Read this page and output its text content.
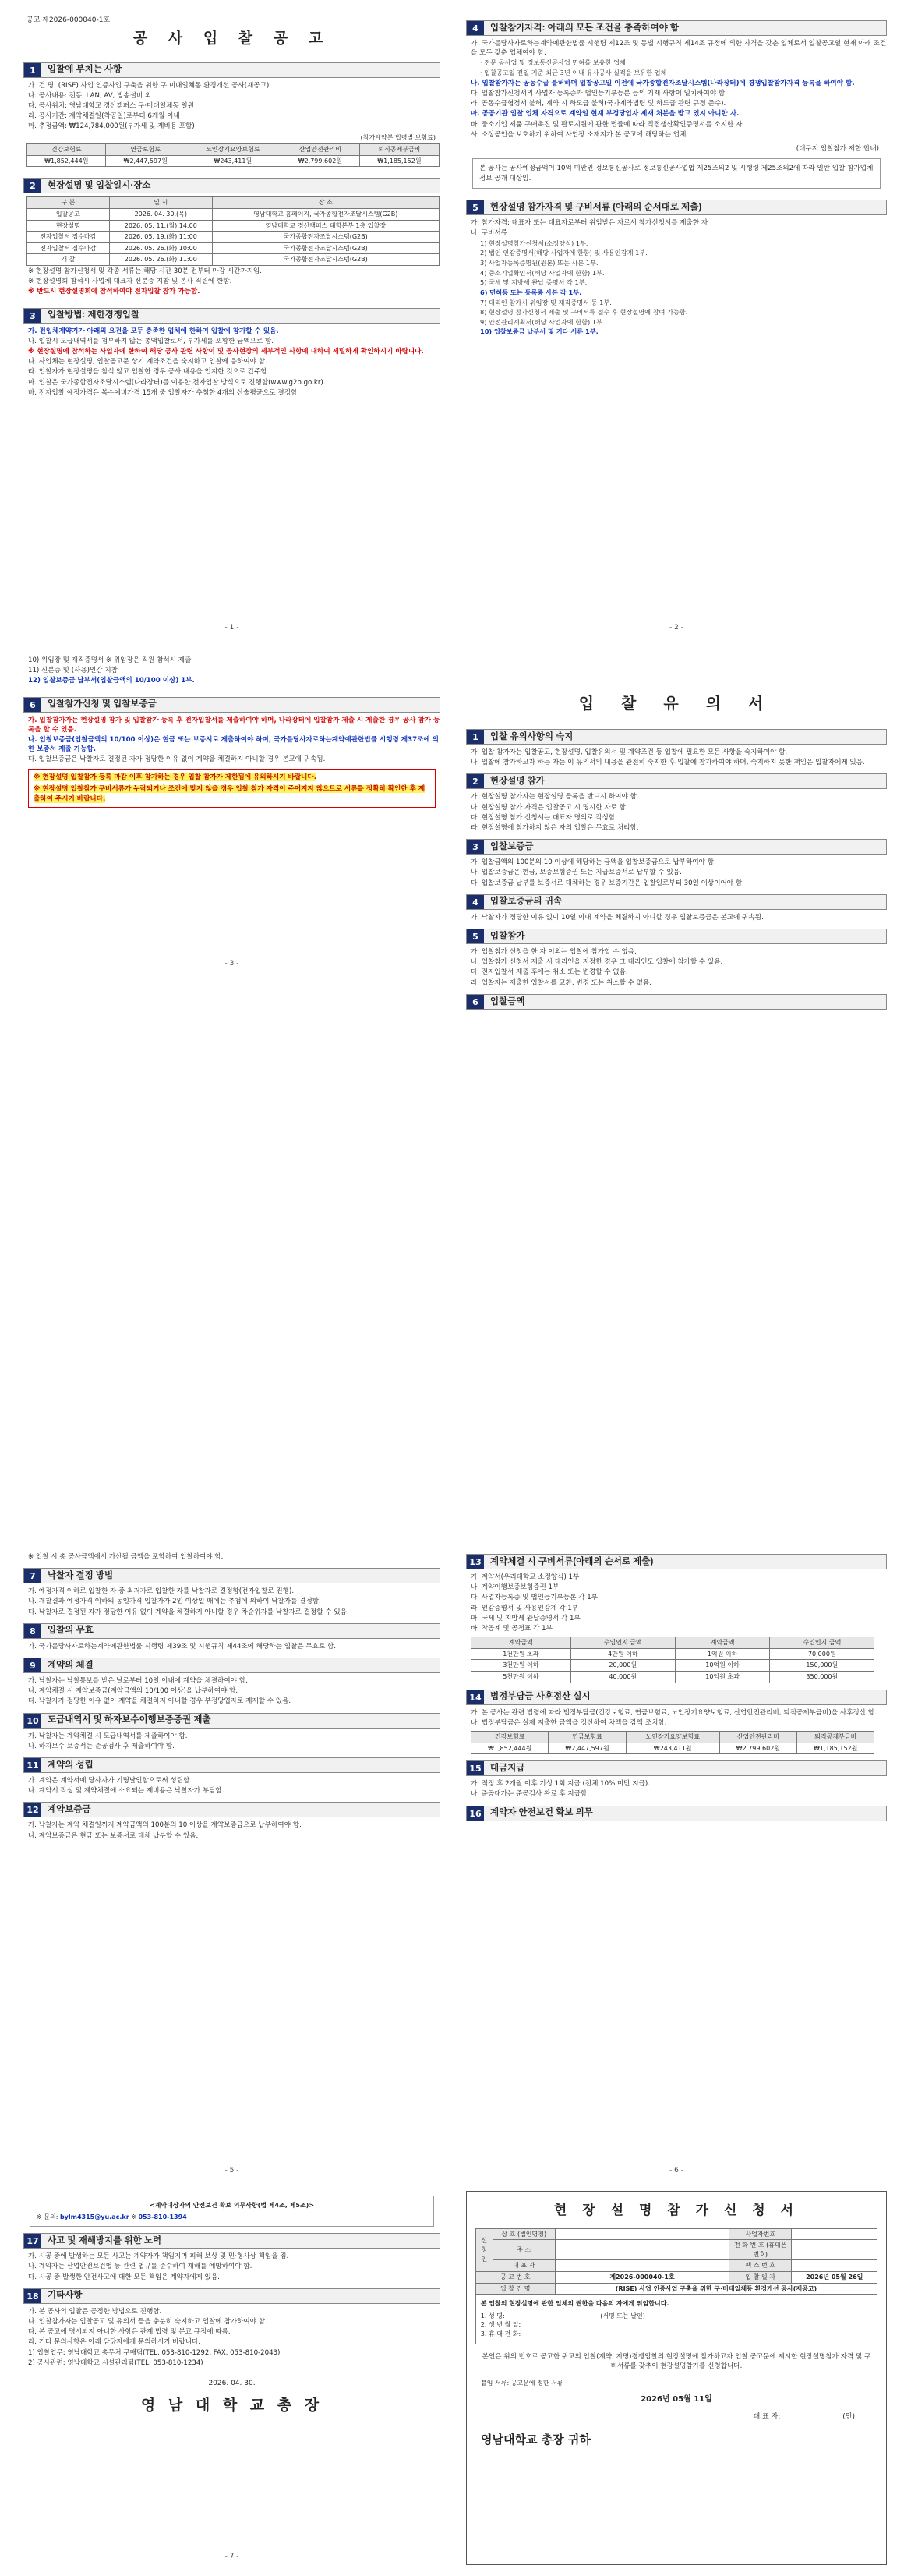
공고 제2026-000040-1호
공 사 입 찰 공 고
1	입찰에 부치는 사항
가. 건 명: (RISE) 사업 인증사업 구축을 위한 구·미대일체동 환경개선 공사(재공고)
나. 공사내용: 전동, LAN, AV, 방송설비 외
다. 공사위치: 영남대학교 경산캠퍼스 구·미대일체동 일원
라. 공사기간: 계약체결일(착공일)로부터 6개월 이내
마. 추정금액: ₩124,784,000원(부가세 및 제비용 포함)
(참가계약분 법령별 보험료)
건강보험료	연금보험료	노인장기요양보험료	산업안전관리비	퇴직공제부금비
₩1,852,444원	₩2,447,597원	₩243,411원	₩2,799,602원	₩1,185,152원
2	현장설명 및 입찰일시·장소
구 분	일 시	장 소
입찰공고	2026. 04. 30.(목)	영남대학교 홈페이지, 국가종합전자조달시스템(G2B)
현장설명	2026. 05. 11.(월) 14:00	영남대학교 경산캠퍼스 대학본부 1층 입찰장
전자입찰서 접수마감	2026. 05. 19.(화) 11:00	국가종합전자조달시스템(G2B)
전자입찰서 접수마감	2026. 05. 26.(화) 10:00	국가종합전자조달시스템(G2B)
개 찰	2026. 05. 26.(화) 11:00	국가종합전자조달시스템(G2B)
※ 현장설명 참가신청서 및 각종 서류는 해당 시간 30분 전부터 마감 시간까지임.
※ 현장설명회 참석시 사업체 대표자 신분증 지참 및 본사 직원에 한함.
※ 반드시 현장설명회에 참석하여야 전자입찰 참가 가능함.
3	입찰방법: 제한경쟁입찰
가. 전입체계약기가 아래의 요건을 모두 충족한 업체에 한하여 입찰에 참가할 수 있음.
나. 입찰시 도급내역서를 첨부하지 않는 총액입찰로서, 부가세를 포함한 금액으로 함.
※ 현장설명에 참석하는 사업자에 한하여 해당 공사 관련 사항이 및 공사현장의 세부적인 사항에 대하여 세밀하게 확인하시기 바랍니다.
다. 사업체는 현장설명, 입찰공고문 상기 계약조건을 숙지하고 입찰에 응하여야 함.
라. 입찰자가 현장설명을 참석 않고 입찰한 경우 공사 내용을 인지한 것으로 간주함.
마. 입찰은 국가종합전자조달시스템(나라장터)를 이용한 전자입찰 방식으로 진행함(www.g2b.go.kr).
바. 전자입찰 예정가격은 복수예비가격 15개 중 입찰자가 추첨한 4개의 산술평균으로 결정함.
- 1 -
4	입찰참가자격: 아래의 모든 조건을 충족하여야 함
가. 국가를당사자로하는계약에관한법률 시행령 제12조 및 동법 시행규칙 제14조 규정에 의한 자격을 갖춘 업체로서 입찰공고일 현재 아래 조건을 모두 갖춘 업체여야 함.
· 전문 공사업 및 정보통신공사업 면허를 보유한 업체
· 입찰공고일 전일 기준 최근 3년 이내 유사공사 실적을 보유한 업체
나. 입찰참가자는 공동수급 불허하며 입찰공고일 이전에 국가종합전자조달시스템(나라장터)에 경쟁입찰참가자격 등록을 하여야 함.
다. 입찰참가신청서의 사업자 등록증과 법인등기부등본 등의 기재 사항이 일치하여야 함.
라. 공동수급협정서 불허, 계약 시 하도급 불허(국가계약법령 및 하도급 관련 규정 준수).
마. 공공기관 입찰 업체 자격으로 계약일 현재 부정당업자 제재 처분을 받고 있지 아니한 자.
바. 중소기업 제품 구매촉진 및 판로지원에 관한 법률에 따라 직접생산확인증명서를 소지한 자.
사. 소상공인을 보호하기 위하여 사업장 소재지가 본 공고에 해당하는 업체.
(대구지 입찰참가 제한 안내)
본 공사는 공사예정금액이 10억 미만인 정보통신공사로 정보통신공사업법 제25조의2 및 시행령 제25조의2에 따라 일반 입찰 참가업체 정보 공개 대상임.
5	현장설명 참가자격 및 구비서류 (아래의 순서대로 제출)
가. 참가자격: 대표자 또는 대표자로부터 위임받은 자로서 참가신청서를 제출한 자
나. 구비서류
1) 현장설명참가신청서(소정양식) 1부.
2) 법인 인감증명서(해당 사업자에 한함) 및 사용인감계 1부.
3) 사업자등록증명원(원본) 또는 사본 1부.
4) 중소기업확인서(해당 사업자에 한함) 1부.
5) 국세 및 지방세 완납 증명서 각 1부.
6) 면허등 또는 등록증 사본 각 1부.
7) 대리인 참가시 위임장 및 재직증명서 등 1부.
8) 현장설명 참가신청서 제출 및 구비서류 접수 후 현장설명에 참여 가능함.
9) 안전관리계획서(해당 사업자에 한함) 1부.
10) 입찰보증금 납부서 및 기타 서류 1부.
- 2 -
10) 위임장 및 재직증명서 ※ 위임장은 직원 참석시 제출
11) 신분증 및 (사용)인감 지참
12) 입찰보증금 납부서(입찰금액의 10/100 이상) 1부.
6	입찰참가신청 및 입찰보증금
가. 입찰참가자는 현장설명 참가 및 입찰참가 등록 후 전자입찰서를 제출하여야 하며, 나라장터에 입찰참가 제출 시 제출한 경우 공사 참가 등록을 할 수 있음.
나. 입찰보증금(입찰금액의 10/100 이상)은 현금 또는 보증서로 제출하여야 하며, 국가를당사자로하는계약에관한법률 시행령 제37조에 의한 보증서 제출 가능함.
다. 입찰보증금은 낙찰자로 결정된 자가 정당한 이유 없이 계약을 체결하지 아니할 경우 본교에 귀속됨.
※ 현장설명 입찰참가 등록 마감 이후 참가하는 경우 입찰 참가가 제한됨에 유의하시기 바랍니다.
※ 현장설명 입찰참가 구비서류가 누락되거나 조건에 맞지 않을 경우 입찰 참가 자격이 주어지지 않으므로 서류를 정확히 확인한 후 제출하여 주시기 바랍니다.
- 3 -
입 찰 유 의 서
1	입찰 유의사항의 숙지
가. 입찰 참가자는 입찰공고, 현장설명, 입찰유의서 및 계약조건 등 입찰에 필요한 모든 사항을 숙지하여야 함.
나. 입찰에 참가하고자 하는 자는 이 유의서의 내용을 완전히 숙지한 후 입찰에 참가하여야 하며, 숙지하지 못한 책임은 입찰자에게 있음.
2	현장설명 참가
가. 현장설명 참가자는 현장설명 등록을 반드시 하여야 함.
나. 현장설명 참가 자격은 입찰공고 시 명시한 자로 함.
다. 현장설명 참가 신청서는 대표자 명의로 작성함.
라. 현장설명에 참가하지 않은 자의 입찰은 무효로 처리함.
3	입찰보증금
가. 입찰금액의 100분의 10 이상에 해당하는 금액을 입찰보증금으로 납부하여야 함.
나. 입찰보증금은 현금, 보증보험증권 또는 지급보증서로 납부할 수 있음.
다. 입찰보증금 납부를 보증서로 대체하는 경우 보증기간은 입찰일로부터 30일 이상이어야 함.
4	입찰보증금의 귀속
가. 낙찰자가 정당한 이유 없이 10일 이내 계약을 체결하지 아니할 경우 입찰보증금은 본교에 귀속됨.
5	입찰참가
가. 입찰참가 신청을 한 자 이외는 입찰에 참가할 수 없음.
나. 입찰참가 신청서 제출 시 대리인을 지정한 경우 그 대리인도 입찰에 참가할 수 있음.
다. 전자입찰서 제출 후에는 취소 또는 변경할 수 없음.
라. 입찰자는 제출한 입찰서를 교환, 변경 또는 취소할 수 없음.
6	입찰금액
※ 입찰 시 총 공사금액에서 가산될 금액을 포함하여 입찰하여야 함.
7	낙찰자 결정 방법
가. 예정가격 이하로 입찰한 자 중 최저가로 입찰한 자를 낙찰자로 결정함(전자입찰로 진행).
나. 개찰결과 예정가격 이하의 동일가격 입찰자가 2인 이상일 때에는 추첨에 의하여 낙찰자를 결정함.
다. 낙찰자로 결정된 자가 정당한 이유 없이 계약을 체결하지 아니할 경우 차순위자를 낙찰자로 결정할 수 있음.
8	입찰의 무효
가. 국가를당사자로하는계약에관한법률 시행령 제39조 및 시행규칙 제44조에 해당하는 입찰은 무효로 함.
9	계약의 체결
가. 낙찰자는 낙찰통보를 받은 날로부터 10일 이내에 계약을 체결하여야 함.
나. 계약체결 시 계약보증금(계약금액의 10/100 이상)을 납부하여야 함.
다. 낙찰자가 정당한 이유 없이 계약을 체결하지 아니할 경우 부정당업자로 제재할 수 있음.
10 도급내역서 및 하자보수이행보증증권 제출
가. 낙찰자는 계약체결 시 도급내역서를 제출하여야 함.
나. 하자보수 보증서는 준공검사 후 제출하여야 함.
11 계약의 성립
가. 계약은 계약서에 당사자가 기명날인함으로써 성립함.
나. 계약서 작성 및 계약체결에 소요되는 제비용은 낙찰자가 부담함.
12 계약보증금
가. 낙찰자는 계약 체결일까지 계약금액의 100분의 10 이상을 계약보증금으로 납부하여야 함.
나. 계약보증금은 현금 또는 보증서로 대체 납부할 수 있음.
- 5 -
13 계약체결 시 구비서류(아래의 순서로 제출)
가. 계약서(우리대학교 소정양식) 1부
나. 계약이행보증보험증권 1부
다. 사업자등록증 및 법인등기부등본 각 1부
라. 인감증명서 및 사용인감계 각 1부
마. 국세 및 지방세 완납증명서 각 1부
바. 착공계 및 공정표 각 1부
계약금액	수입인지 금액	계약금액	수입인지 금액
1천만원 초과	4만원 이하	1억원 이하	70,000원
3천만원 이하	20,000원	10억원 이하	150,000원
5천만원 이하	40,000원	10억원 초과	350,000원
14 법정부담금 사후정산 실시
가. 본 공사는 관련 법령에 따라 법정부담금(건강보험료, 연금보험료, 노인장기요양보험료, 산업안전관리비, 퇴직공제부금비)을 사후정산 함.
나. 법정부담금은 실제 지출한 금액을 정산하여 차액을 감액 조치함.
건강보험료	연금보험료	노인장기요양보험료	산업안전관리비	퇴직공제부금비
₩1,852,444원	₩2,447,597원	₩243,411원	₩2,799,602원	₩1,185,152원
15 대금지급
가. 적정 후 2개월 이후 기성 1회 지급 (전체 10% 미만 지급).
나. 준공대가는 준공검사 완료 후 지급함.
16 계약자 안전보건 확보 의무
- 6 -
<계약대상자의 안전보건 확보 의무사항(법 제4조, 제5조)>
※ 문의: bylm4315@yu.ac.kr ※ 053-810-1394
17 사고 및 재해방지를 위한 노력
가. 시공 중에 발생하는 모든 사고는 계약자가 책임지며 피해 보상 및 민·형사상 책임을 짐.
나. 계약자는 산업안전보건법 등 관련 법규를 준수하여 재해를 예방하여야 함.
다. 시공 중 발생한 안전사고에 대한 모든 책임은 계약자에게 있음.
18 기타사항
가. 본 공사의 입찰은 공정한 방법으로 진행함.
나. 입찰참가자는 입찰공고 및 유의서 등을 충분히 숙지하고 입찰에 참가하여야 함.
다. 본 공고에 명시되지 아니한 사항은 관계 법령 및 본교 규정에 따름.
라. 기타 문의사항은 아래 담당자에게 문의하시기 바랍니다.
1) 입찰업무: 영남대학교 총무처 구매팀(TEL. 053-810-1292, FAX. 053-810-2043)
2) 공사관련: 영남대학교 시설관리팀(TEL. 053-810-1234)
2026. 04. 30.
영 남 대 학 교 총 장
- 7 -
현 장 설 명 참 가 신 청 서
신
청
인	상 호 (법인명칭)		사업자번호	
	주 소		전 화 번 호 (휴대폰번호)	
	대 표 자		팩 스 번 호	
공 고 번 호		제2026-000040-1호	입 찰 일 자	2026년 05월 26일
입 찰 건 명		(RISE) 사업 인증사업 구축을 위한 구·미대일체동 환경개선 공사(재공고)		

본 입찰의 현장설명에 관한 일체의 권한을 다음의 자에게 위임합니다.
1. 성 명: (서명 또는 날인)
2. 생 년 월 일:
3. 휴 대 전 화:				
본인은 위의 번호로 공고한 귀교의 입찰(계약, 지명)경쟁입찰의 현장설명에 참가하고자 입찰 공고문에 제시한 현장설명참가 자격 및 구비서류를 갖추어 현장설명참가를 신청합니다.
붙임 서류: 공고문에 정한 서류
2026년 05월 11일
대 표 자:	(인)
영남대학교 총장 귀하
